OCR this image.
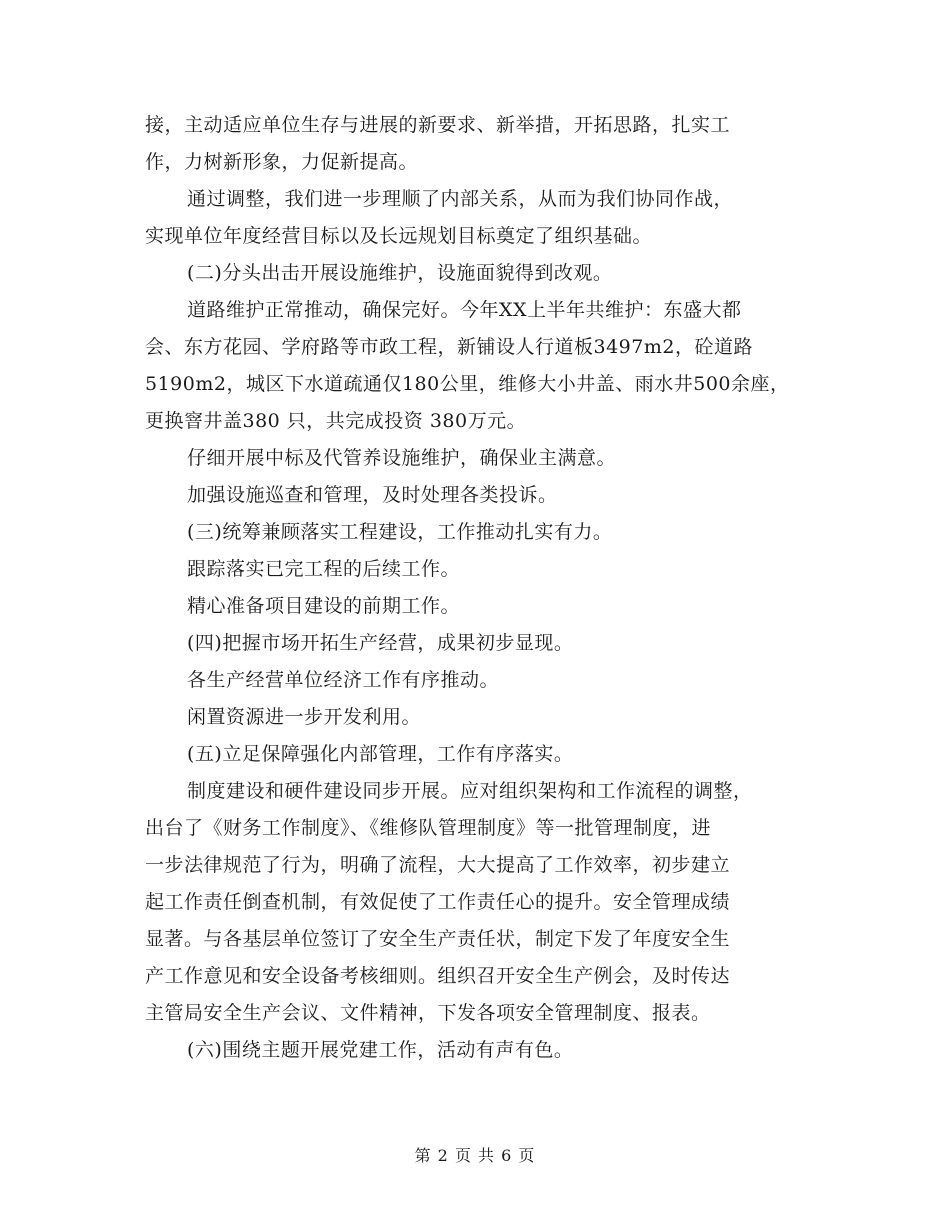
接，主动适应单位生存与进展的新要求、新举措，开拓思路，扎实工
作，力树新形象，力促新提高。
通过调整，我们进一步理顺了内部关系，从而为我们协同作战，
实现单位年度经营目标以及长远规划目标奠定了组织基础。
(二)分头出击开展设施维护，设施面貌得到改观。
道路维护正常推动，确保完好。今年XX上半年共维护：东盛大都
会、东方花园、学府路等市政工程，新铺设人行道板3497m2，砼道路
5190m2，城区下水道疏通仅180公里，维修大小井盖、雨水井500余座，
更换窨井盖380 只，共完成投资 380万元。
仔细开展中标及代管养设施维护，确保业主满意。
加强设施巡查和管理，及时处理各类投诉。
(三)统筹兼顾落实工程建设，工作推动扎实有力。
跟踪落实已完工程的后续工作。
精心准备项目建设的前期工作。
(四)把握市场开拓生产经营，成果初步显现。
各生产经营单位经济工作有序推动。
闲置资源进一步开发利用。
(五)立足保障强化内部管理，工作有序落实。
制度建设和硬件建设同步开展。应对组织架构和工作流程的调整，
出台了《财务工作制度》、《维修队管理制度》等一批管理制度，进
一步法律规范了行为，明确了流程，大大提高了工作效率，初步建立
起工作责任倒查机制，有效促使了工作责任心的提升。安全管理成绩
显著。与各基层单位签订了安全生产责任状，制定下发了年度安全生
产工作意见和安全设备考核细则。组织召开安全生产例会，及时传达
主管局安全生产会议、文件精神，下发各项安全管理制度、报表。
(六)围绕主题开展党建工作，活动有声有色。
第 2 页 共 6 页
